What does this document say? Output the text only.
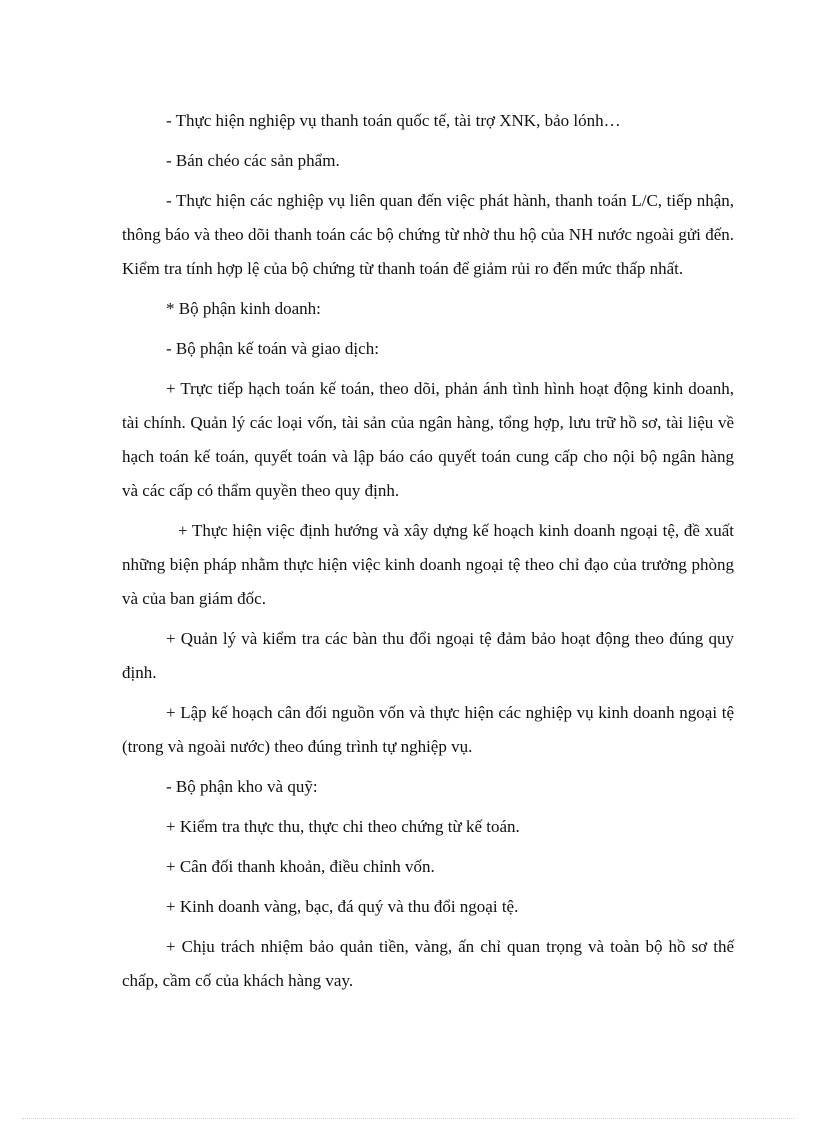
- Thực hiện nghiệp vụ thanh toán quốc tế, tài trợ XNK, bảo lónh…

- Bán chéo các sản phẩm.

- Thực hiện các nghiệp vụ liên quan đến việc phát hành, thanh toán L/C, tiếp nhận, thông báo và theo dõi thanh toán các bộ chứng từ nhờ thu hộ của NH nước ngoài gửi đến. Kiểm tra tính hợp lệ của bộ chứng từ thanh toán để giảm rủi ro đến mức thấp nhất.

* Bộ phận kinh doanh:

- Bộ phận kế toán và giao dịch:

+ Trực tiếp hạch toán kế toán, theo dõi, phản ánh tình hình hoạt động kinh doanh, tài chính. Quản lý các loại vốn, tài sản của ngân hàng, tổng hợp, lưu trữ hồ sơ, tài liệu về hạch toán kế toán, quyết toán và lập báo cáo quyết toán cung cấp cho nội bộ ngân hàng và các cấp có thẩm quyền theo quy định.

+ Thực hiện việc định hướng và xây dựng kế hoạch kinh doanh ngoại tệ, đề xuất những biện pháp nhằm thực hiện việc kinh doanh ngoại tệ theo chỉ đạo của trưởng phòng và của ban giám đốc.

+ Quản lý và kiểm tra các bàn thu đổi ngoại tệ đảm bảo hoạt động theo đúng quy định.

+ Lập kế hoạch cân đối nguồn vốn và thực hiện các nghiệp vụ kinh doanh ngoại tệ (trong và ngoài nước) theo đúng trình tự nghiệp vụ.

- Bộ phận kho và quỹ:

+ Kiểm tra thực thu, thực chi theo chứng từ kế toán.

+ Cân đối thanh khoản, điều chỉnh vốn.

+ Kinh doanh vàng, bạc, đá quý và thu đổi ngoại tệ.

+ Chịu trách nhiệm bảo quản tiền, vàng, ấn chỉ quan trọng và toàn bộ hồ sơ thế chấp, cầm cố của khách hàng vay.
